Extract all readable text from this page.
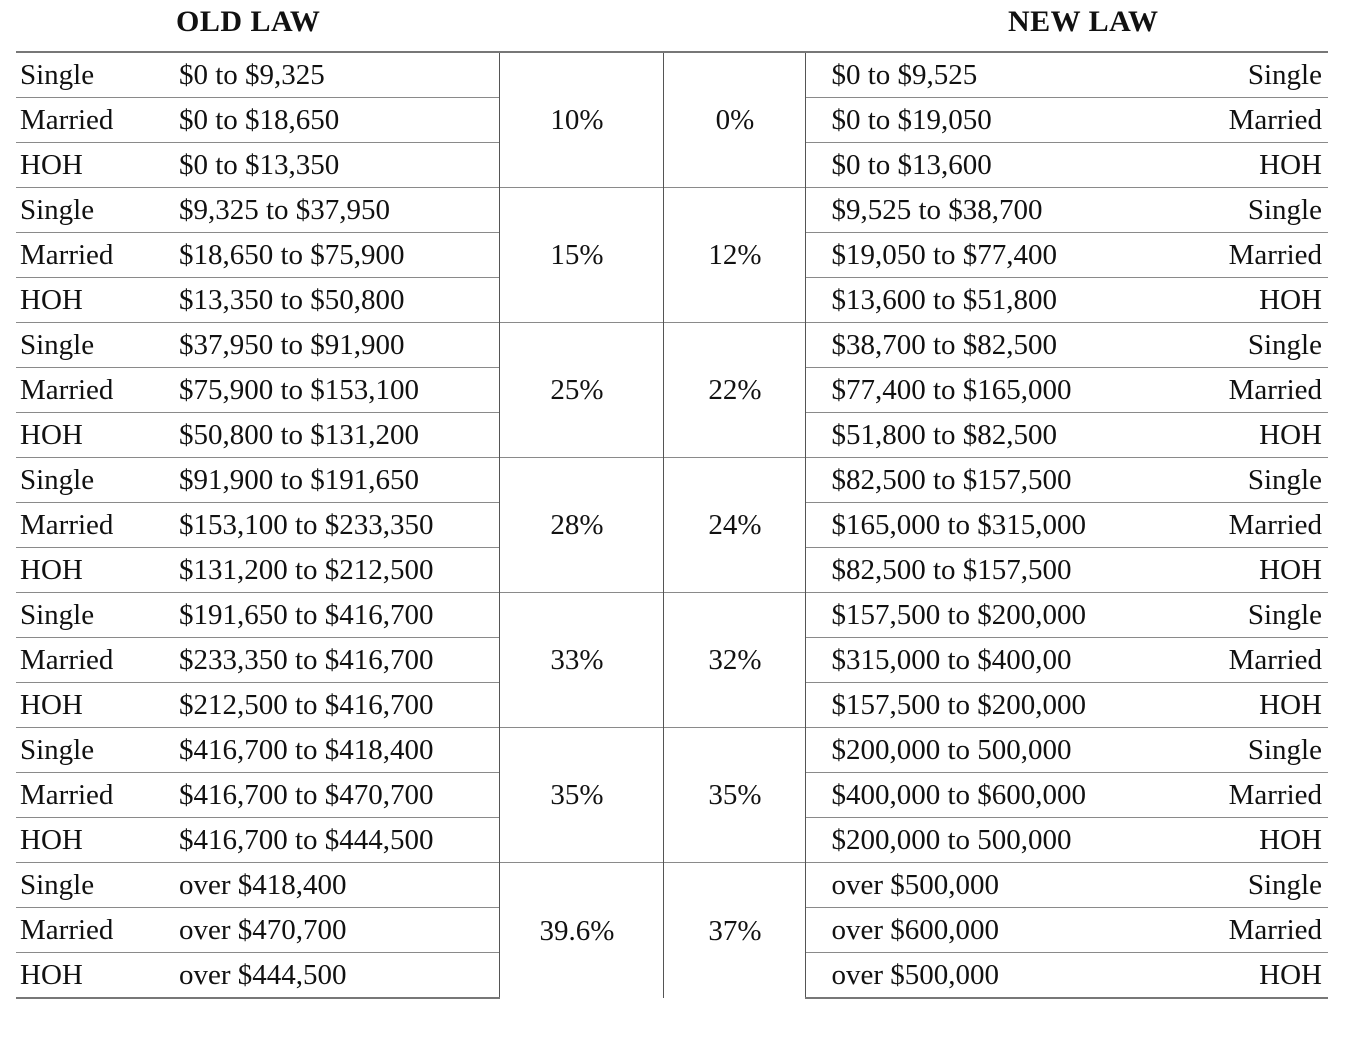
OLD LAW	NEW LAW
Single	$0 to $9,325	10%	0%	$0 to $9,525	Single
Married	$0 to $18,650			$0 to $19,050	Married
HOH	$0 to $13,350			$0 to $13,600	HOH
Single	$9,325 to $37,950	15%	12%	$9,525 to $38,700	Single
Married	$18,650 to $75,900			$19,050 to $77,400	Married
HOH	$13,350 to $50,800			$13,600 to $51,800	HOH
Single	$37,950 to $91,900	25%	22%	$38,700 to $82,500	Single
Married	$75,900 to $153,100			$77,400 to $165,000	Married
HOH	$50,800 to $131,200			$51,800 to $82,500	HOH
Single	$91,900 to $191,650	28%	24%	$82,500 to $157,500	Single
Married	$153,100 to $233,350			$165,000 to $315,000	Married
HOH	$131,200 to $212,500			$82,500 to $157,500	HOH
Single	$191,650 to $416,700	33%	32%	$157,500 to $200,000	Single
Married	$233,350 to $416,700			$315,000 to $400,00	Married
HOH	$212,500 to $416,700			$157,500 to $200,000	HOH
Single	$416,700 to $418,400	35%	35%	$200,000 to 500,000	Single
Married	$416,700 to $470,700			$400,000 to $600,000	Married
HOH	$416,700 to $444,500			$200,000 to 500,000	HOH
Single	over $418,400	39.6%	37%	over $500,000	Single
Married	over $470,700			over $600,000	Married
HOH	over $444,500			over $500,000	HOH
